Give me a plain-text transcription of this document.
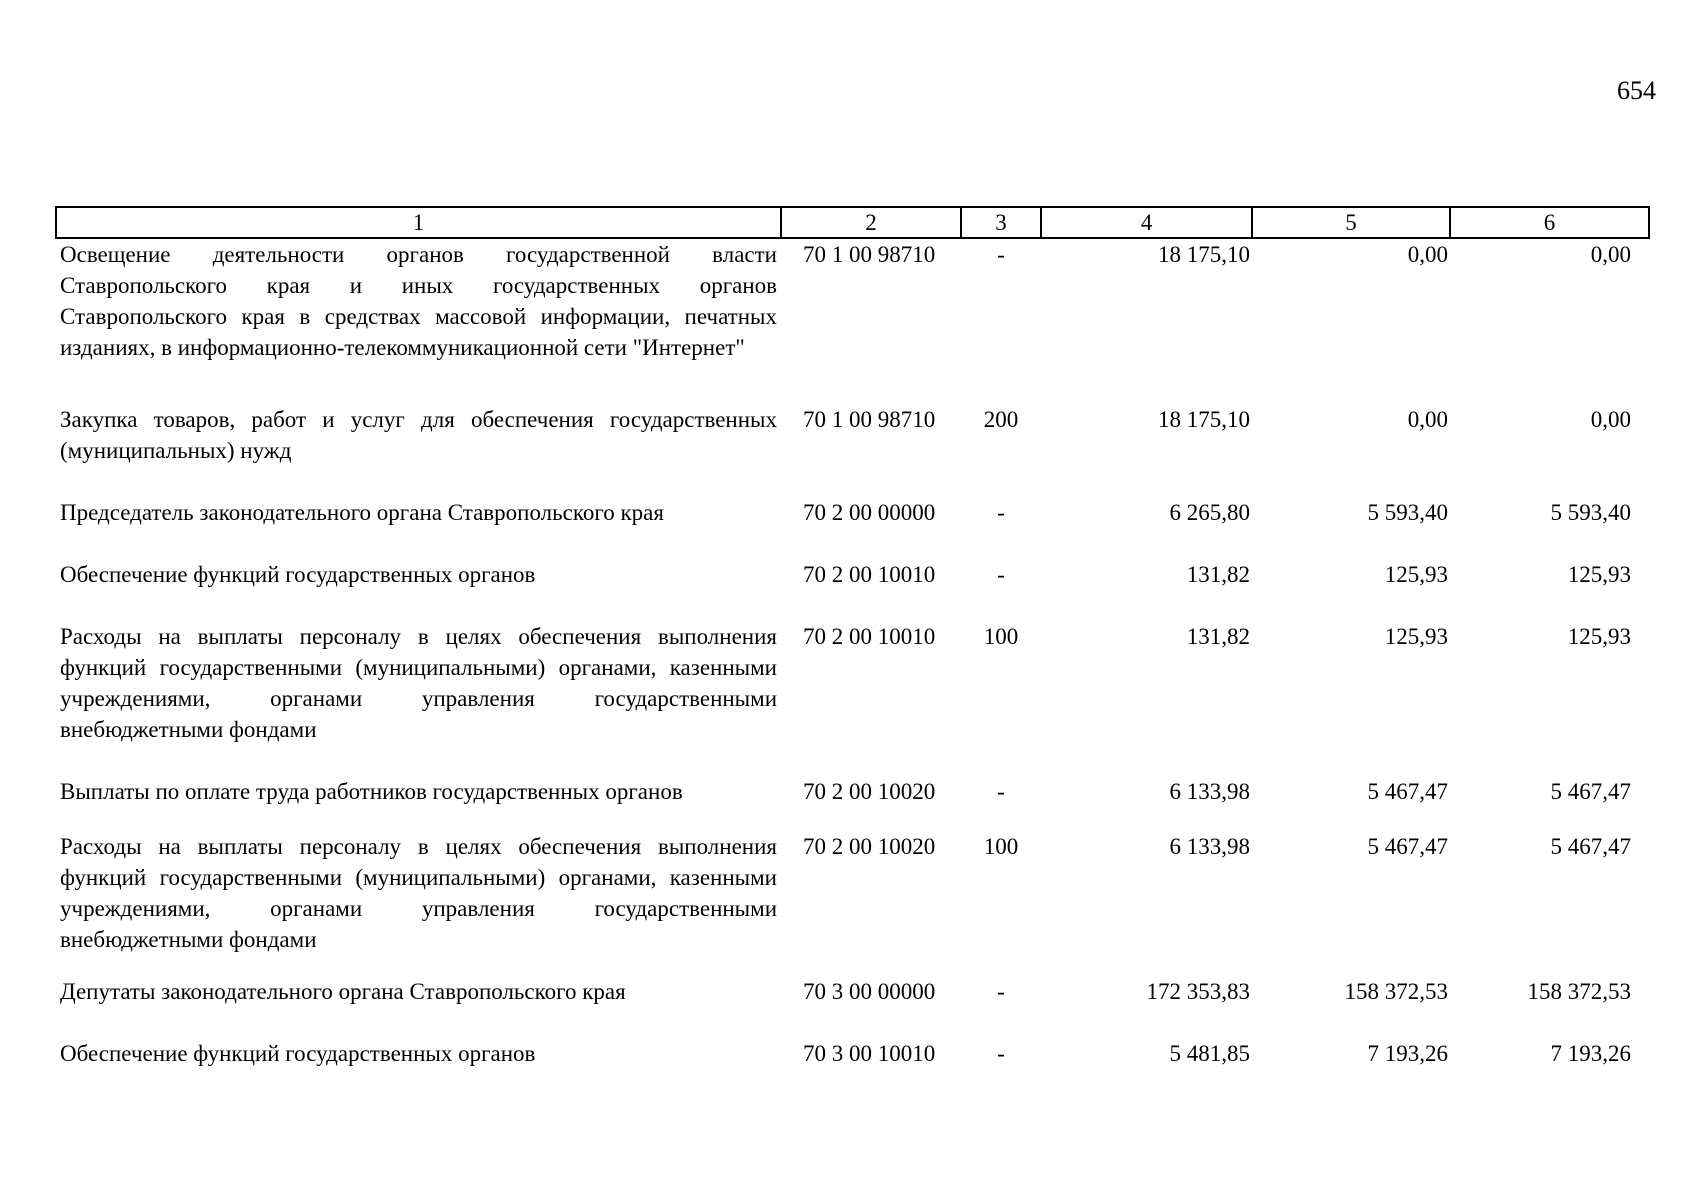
654
1	2	3	4	5	6
Освещение деятельности органов государственной власти Ставропольского края и иных государственных органов Ставропольского края в средствах массовой информации, печатных изданиях, в информационно-телекоммуникационной сети "Интернет"	70 1 00 98710	-	18 175,10	0,00	0,00
Закупка товаров, работ и услуг для обеспечения государственных (муниципальных) нужд	70 1 00 98710	200	18 175,10	0,00	0,00
Председатель законодательного органа Ставропольского края	70 2 00 00000	-	6 265,80	5 593,40	5 593,40
Обеспечение функций государственных органов	70 2 00 10010	-	131,82	125,93	125,93
Расходы на выплаты персоналу в целях обеспечения выполнения функций государственными (муниципальными) органами, казенными учреждениями, органами управления государственными внебюджетными фондами	70 2 00 10010	100	131,82	125,93	125,93
Выплаты по оплате труда работников государственных органов	70 2 00 10020	-	6 133,98	5 467,47	5 467,47
Расходы на выплаты персоналу в целях обеспечения выполнения функций государственными (муниципальными) органами, казенными учреждениями, органами управления государственными внебюджетными фондами	70 2 00 10020	100	6 133,98	5 467,47	5 467,47
Депутаты законодательного органа Ставропольского края	70 3 00 00000	-	172 353,83	158 372,53	158 372,53
Обеспечение функций государственных органов	70 3 00 10010	-	5 481,85	7 193,26	7 193,26
